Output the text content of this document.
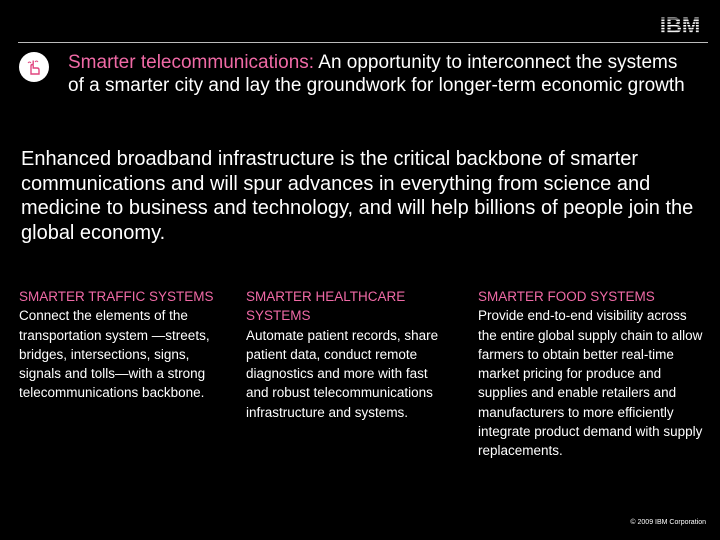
IBM
Smarter telecommunications: An opportunity to interconnect the systems of a smarter city and lay the groundwork for longer-term economic growth

Enhanced broadband infrastructure is the critical backbone of smarter communications and will spur advances in everything from science and medicine to business and technology, and will help billions of people join the global economy.

SMARTER TRAFFIC SYSTEMS

Connect the elements of the transportation system —streets, bridges, intersections, signs, signals and tolls—with a strong telecommunications backbone.

SMARTER HEALTHCARE SYSTEMS

Automate patient records, share patient data, conduct remote diagnostics and more with fast and robust telecommunications infrastructure and systems.

SMARTER FOOD SYSTEMS

Provide end-to-end visibility across the entire global supply chain to allow farmers to obtain better real-time market pricing for produce and supplies and enable retailers and manufacturers to more efficiently integrate product demand with supply replacements.

© 2009 IBM Corporation
